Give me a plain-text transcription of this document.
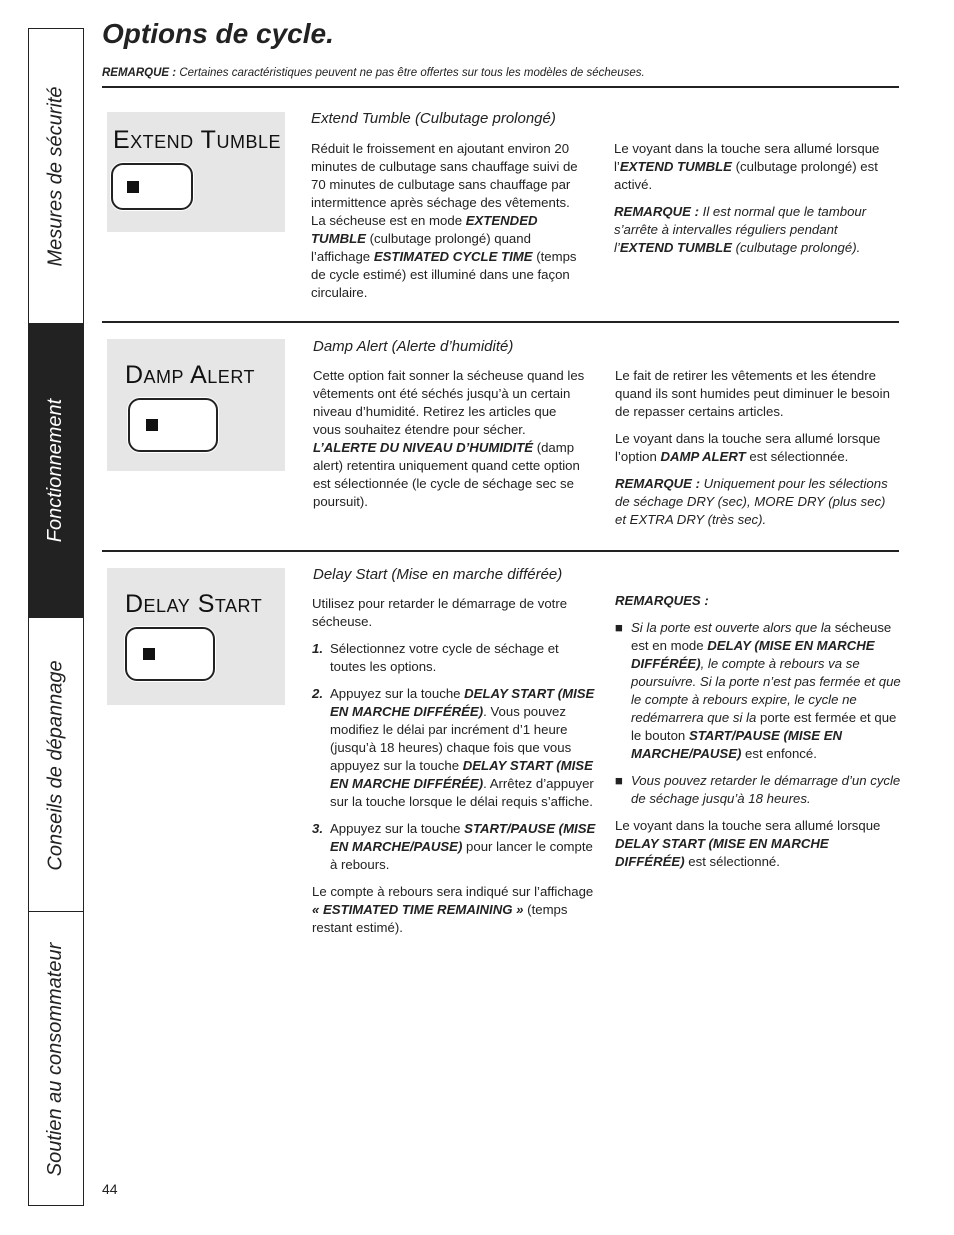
Mesures de sécurité
Fonctionnement
Conseils de dépannage
Soutien au consommateur
Options de cycle.
REMARQUE : Certaines caractéristiques peuvent ne pas être offertes sur tous les modèles de sécheuses.
Extend Tumble
Extend Tumble (Culbutage prolongé)

Réduit le froissement en ajoutant environ 20 minutes de culbutage sans chauffage suivi de 70 minutes de culbutage sans chauffage par intermittence après séchage des vêtements. La sécheuse est en mode EXTENDED TUMBLE (culbutage prolongé) quand l’affichage ESTIMATED CYCLE TIME (temps de cycle estimé) est illuminé dans une façon circulaire.

Le voyant dans la touche sera allumé lorsque l’EXTEND TUMBLE (culbutage prolongé) est activé.

REMARQUE : Il est normal que le tambour s’arrête à intervalles réguliers pendant l’EXTEND TUMBLE (culbutage prolongé).

Damp Alert
Damp Alert (Alerte d’humidité)

Cette option fait sonner la sécheuse quand les vêtements ont été séchés jusqu’à un certain niveau d’humidité. Retirez les articles que vous souhaitez étendre pour sécher. L’ALERTE DU NIVEAU D’HUMIDITÉ (damp alert) retentira uniquement quand cette option est sélectionnée (le cycle de séchage sec se poursuit).

Le fait de retirer les vêtements et les étendre quand ils sont humides peut diminuer le besoin de repasser certains articles.

Le voyant dans la touche sera allumé lorsque l’option DAMP ALERT est sélectionnée.

REMARQUE : Uniquement pour les sélections de séchage DRY (sec), MORE DRY (plus sec) et EXTRA DRY (très sec).

Delay Start
Delay Start (Mise en marche différée)

Utilisez pour retarder le démarrage de votre sécheuse.

1. Sélectionnez votre cycle de séchage et toutes les options.
2. Appuyez sur la touche DELAY START (MISE EN MARCHE DIFFÉRÉE). Vous pouvez modifiez le délai par incrément d’1 heure (jusqu’à 18 heures) chaque fois que vous appuyez sur la touche DELAY START (MISE EN MARCHE DIFFÉRÉE). Arrêtez d’appuyer sur la touche lorsque le délai requis s’affiche.
3. Appuyez sur la touche START/PAUSE (MISE EN MARCHE/PAUSE) pour lancer le compte à rebours.

Le compte à rebours sera indiqué sur l’affichage « ESTIMATED TIME REMAINING » (temps restant estimé).

REMARQUES :

■ Si la porte est ouverte alors que la sécheuse est en mode DELAY (MISE EN MARCHE DIFFÉRÉE), le compte à rebours va se poursuivre. Si la porte n’est pas fermée et que le compte à rebours expire, le cycle ne redémarrera que si la porte est fermée et que le bouton START/PAUSE (MISE EN MARCHE/PAUSE) est enfoncé.
■ Vous pouvez retarder le démarrage d’un cycle de séchage jusqu’à 18 heures.

Le voyant dans la touche sera allumé lorsque DELAY START (MISE EN MARCHE DIFFÉRÉE) est sélectionné.

44
